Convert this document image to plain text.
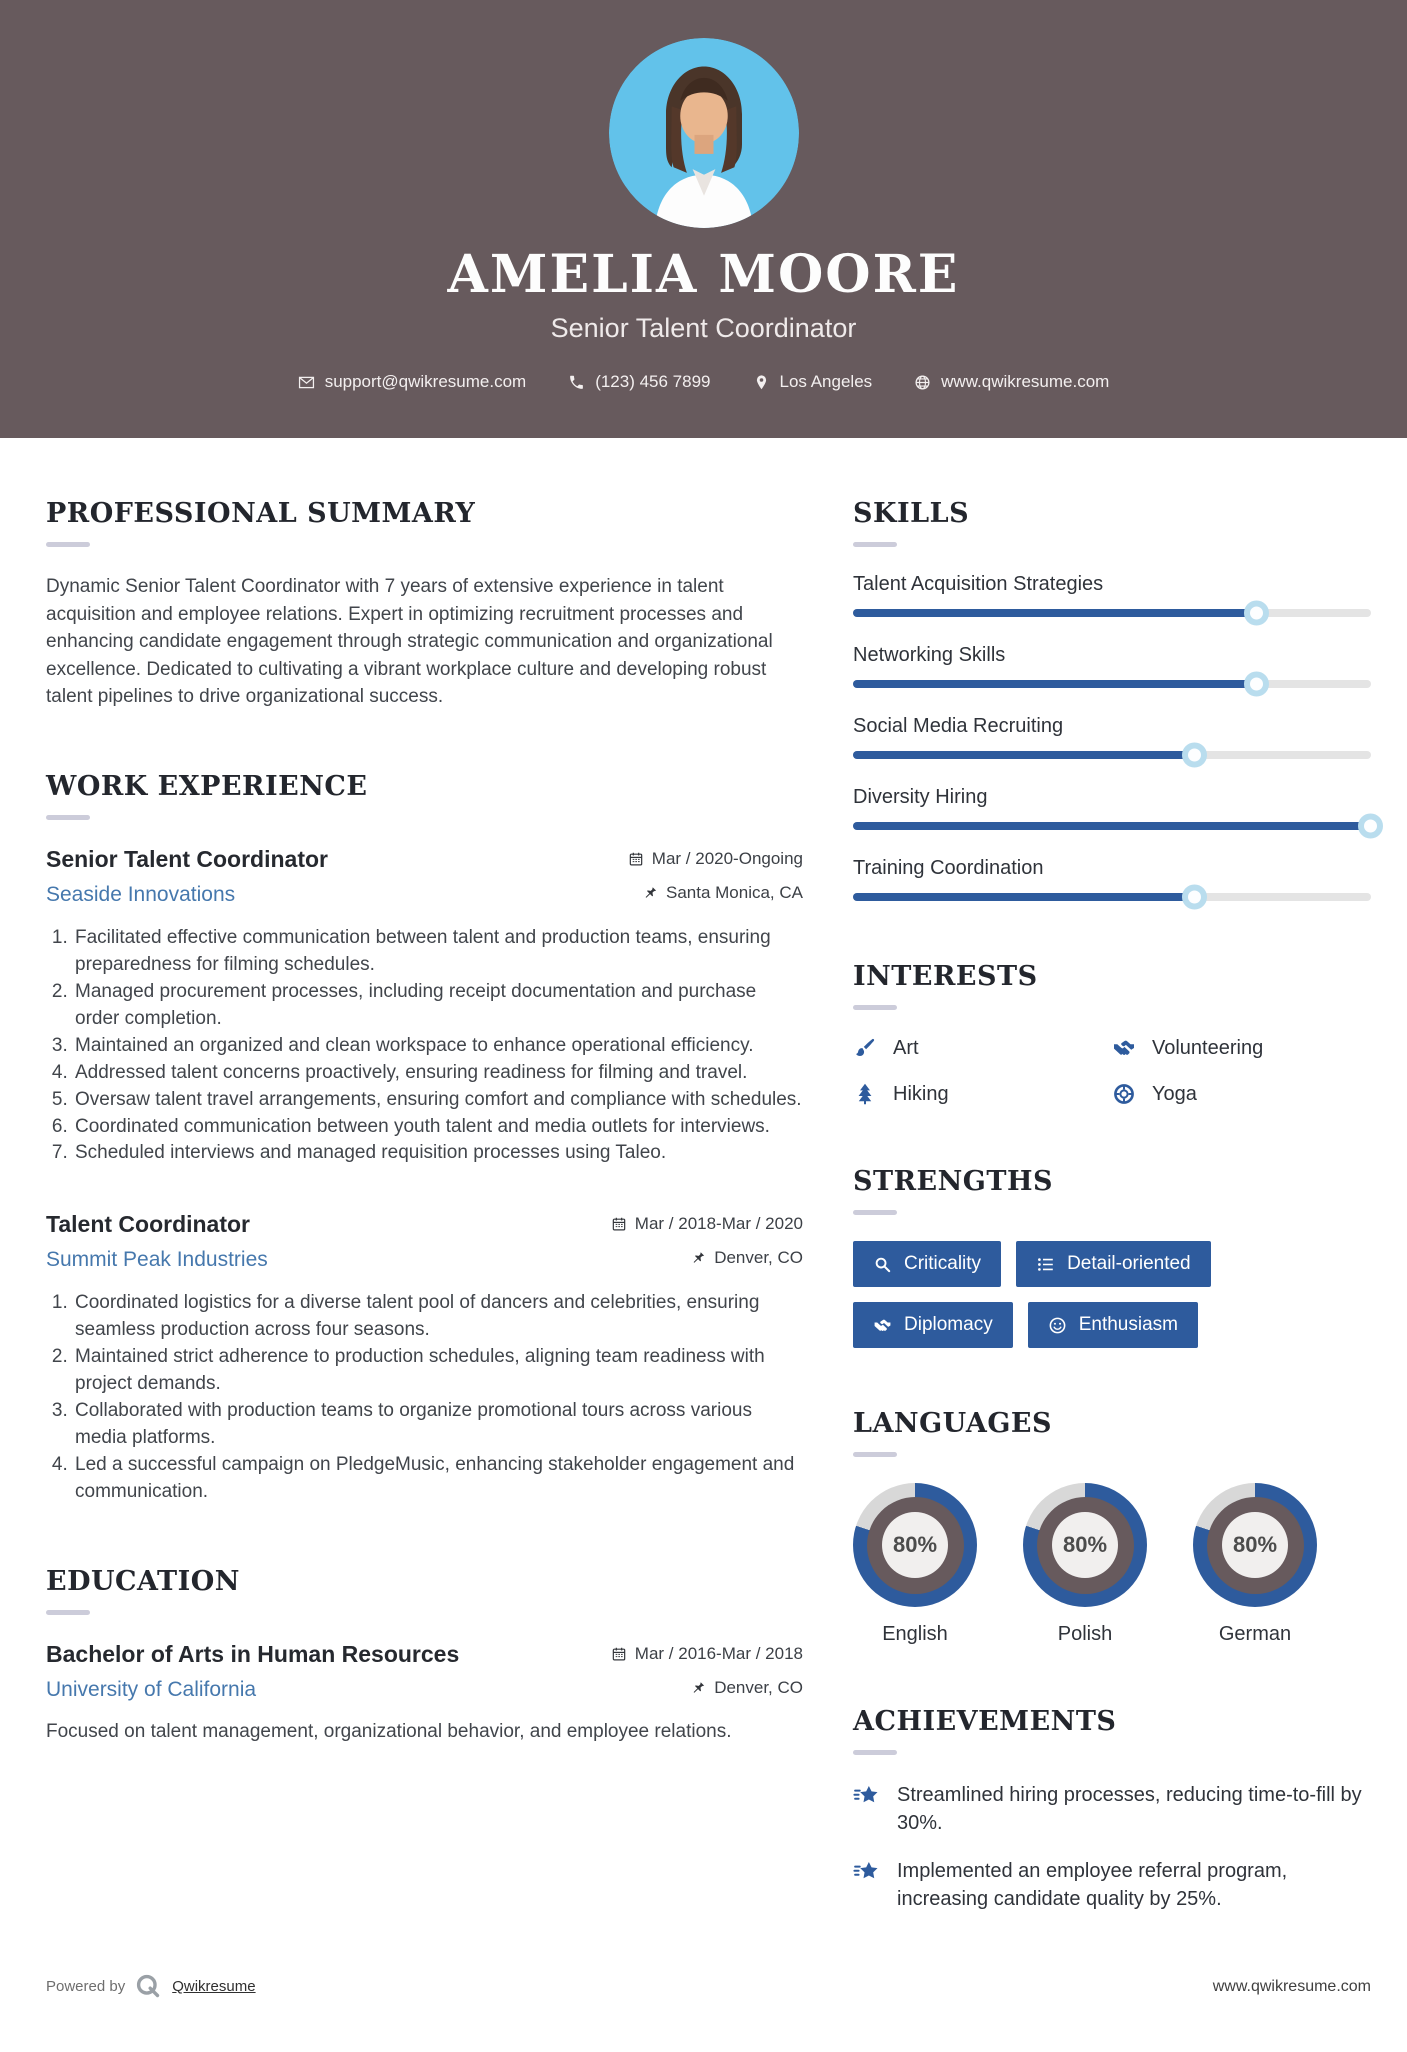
AMELIA MOORE
Senior Talent Coordinator
support@qwikresume.com	(123) 456 7899	Los Angeles	www.qwikresume.com
PROFESSIONAL SUMMARY

Dynamic Senior Talent Coordinator with 7 years of extensive experience in talent acquisition and employee relations. Expert in optimizing recruitment processes and enhancing candidate engagement through strategic communication and organizational excellence. Dedicated to cultivating a vibrant workplace culture and developing robust talent pipelines to drive organizational success.

WORK EXPERIENCE
Senior Talent Coordinator	Mar / 2020-Ongoing
Seaside Innovations	Santa Monica, CA
1. Facilitated effective communication between talent and production teams, ensuring preparedness for filming schedules.
2. Managed procurement processes, including receipt documentation and purchase order completion.
3. Maintained an organized and clean workspace to enhance operational efficiency.
4. Addressed talent concerns proactively, ensuring readiness for filming and travel.
5. Oversaw talent travel arrangements, ensuring comfort and compliance with schedules.
6. Coordinated communication between youth talent and media outlets for interviews.
7. Scheduled interviews and managed requisition processes using Taleo.
Talent Coordinator	Mar / 2018-Mar / 2020
Summit Peak Industries	Denver, CO
1. Coordinated logistics for a diverse talent pool of dancers and celebrities, ensuring seamless production across four seasons.
2. Maintained strict adherence to production schedules, aligning team readiness with project demands.
3. Collaborated with production teams to organize promotional tours across various media platforms.
4. Led a successful campaign on PledgeMusic, enhancing stakeholder engagement and communication.
EDUCATION
Bachelor of Arts in Human Resources	Mar / 2016-Mar / 2018
University of California	Denver, CO

Focused on talent management, organizational behavior, and employee relations.

SKILLS
Talent Acquisition Strategies
Networking Skills
Social Media Recruiting
Diversity Hiring
Training Coordination
INTERESTS
Art	Volunteering
Hiking	Yoga
STRENGTHS
Criticality	Detail-oriented
Diplomacy	Enthusiasm
LANGUAGES
80%
English
80%
Polish
80%
German
ACHIEVEMENTS
Streamlined hiring processes, reducing time-to-fill by 30%.
Implemented an employee referral program, increasing candidate quality by 25%.
Powered by	Qwikresume	www.qwikresume.com
